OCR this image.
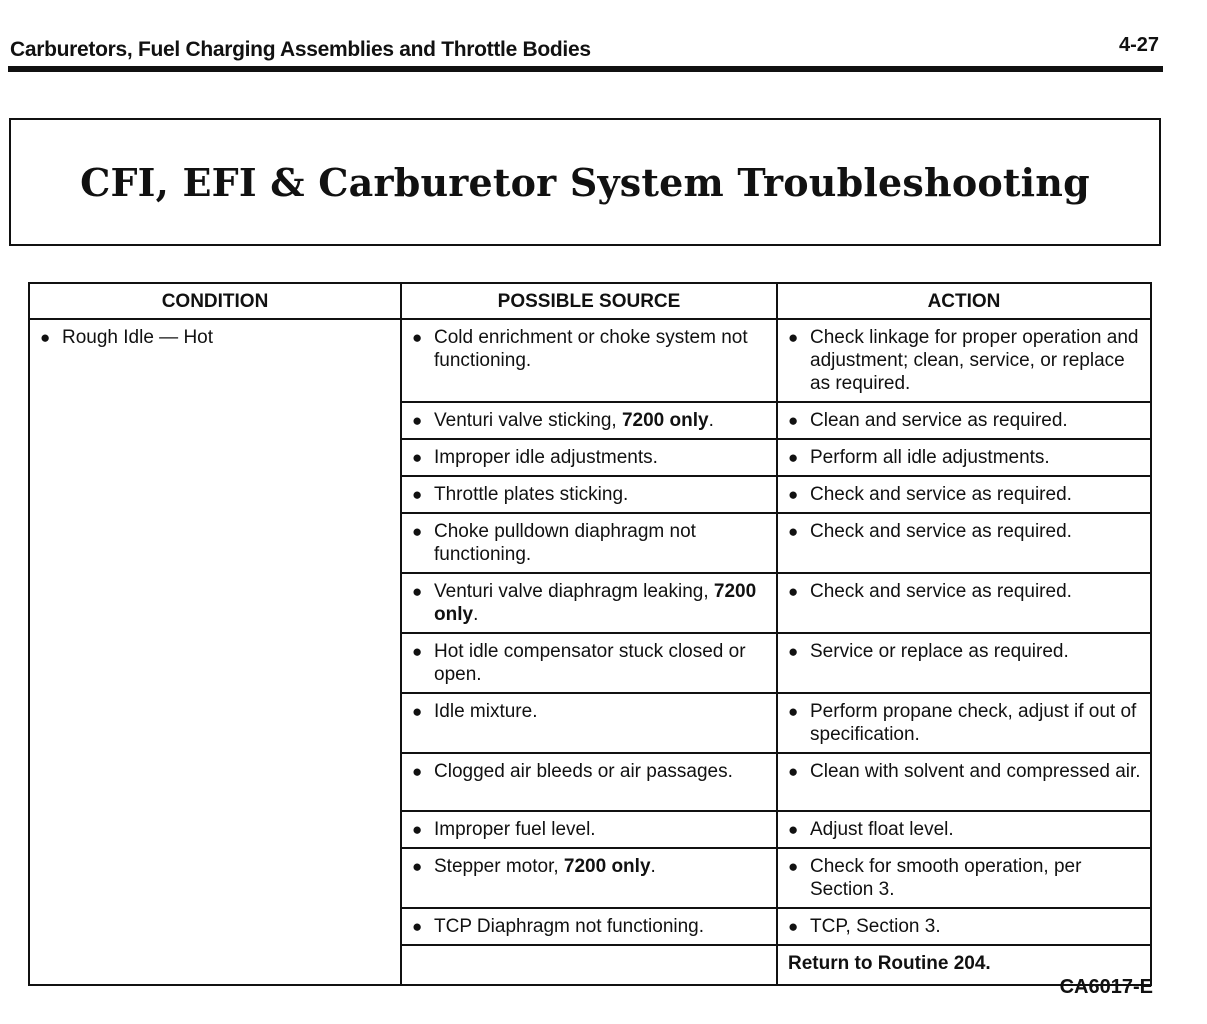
Carburetors, Fuel Charging Assemblies and Throttle Bodies	4-27
CFI, EFI & Carburetor System Troubleshooting
CONDITION	POSSIBLE SOURCE	ACTION

● Rough Idle — Hot	● Cold enrichment or choke system not functioning.	● Check linkage for proper operation and adjustment; clean, service, or replace as required.

	● Venturi valve sticking, 7200 only.	● Clean and service as required.

	● Improper idle adjustments.	● Perform all idle adjustments.

	● Throttle plates sticking.	● Check and service as required.

	● Choke pulldown diaphragm not functioning.	● Check and service as required.

	● Venturi valve diaphragm leaking, 7200 only.	● Check and service as required.

	● Hot idle compensator stuck closed or open.	● Service or replace as required.

	● Idle mixture.	● Perform propane check, adjust if out of specification.

	● Clogged air bleeds or air passages.	● Clean with solvent and compressed air.

	● Improper fuel level.	● Adjust float level.

	● Stepper motor, 7200 only.	● Check for smooth operation, per Section 3.

	● TCP Diaphragm not functioning.	● TCP, Section 3.

		Return to Routine 204.
CA6017-E
